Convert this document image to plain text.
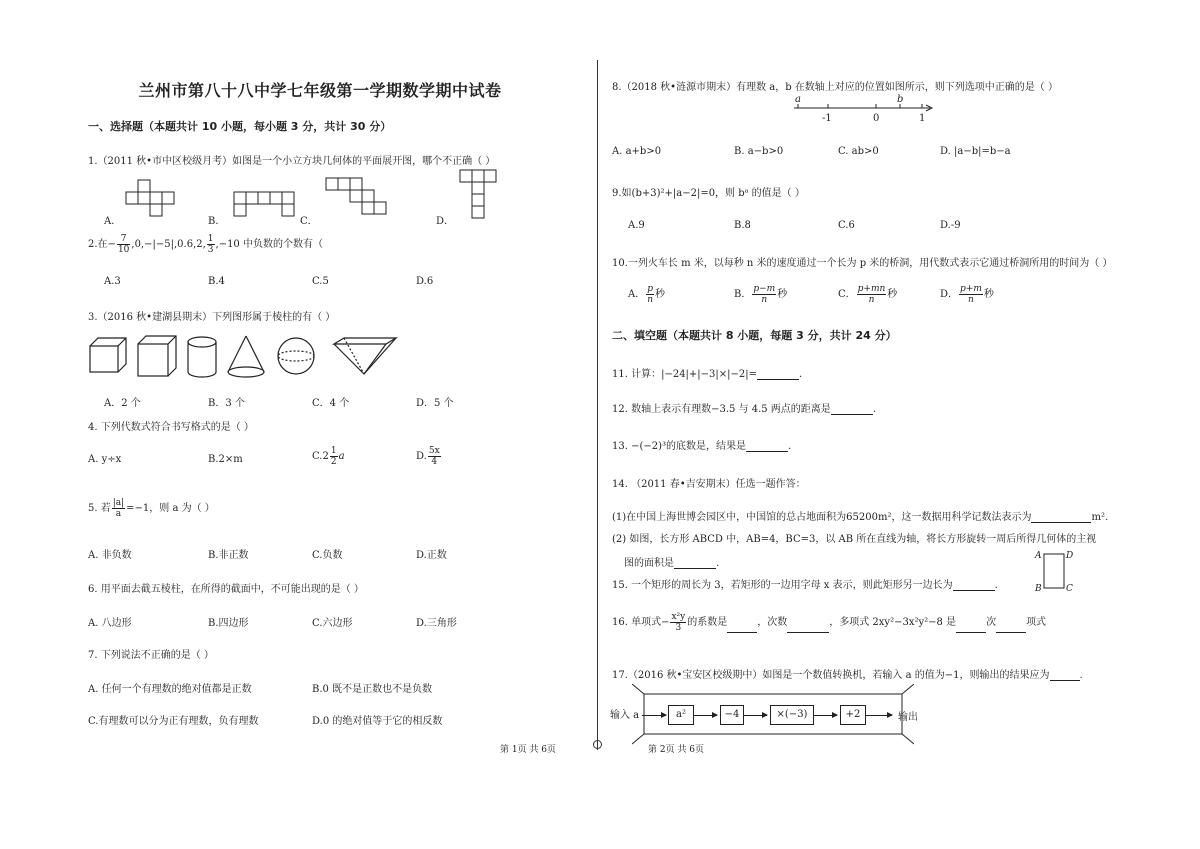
兰州市第八十八中学七年级第一学期数学期中试卷
一、选择题（本题共计 10 小题，每小题 3 分，共计 30 分）
1.（2011 秋•市中区校级月考）如图是一个小立方块几何体的平面展开图，哪个不正确（ ）
A．	B．	C．	D．
2.在− $\frac{7}{10} ,0,-|-5|,0.6,2$, $\frac{1}{3} ,-10$ 中负数的个数有（
A.3	B.4	C.5	D.6
3.（2016 秋•建湖县期末）下列图形属于棱柱的有（ ）
A．2 个	B．3 个	C．4 个	D．5 个
4. 下列代数式符合书写格式的是（ ）
A. y÷x	B.2×m	$C.2 \frac{1}{2}$ a	D. $\frac{5x}{4}$
5. 若 $\frac{|a|}{a} =-1$，则 a 为（ ）
A. 非负数	B.非正数	C.负数	D.正数
6. 用平面去截五棱柱，在所得的截面中，不可能出现的是（ ）
A. 八边形	B.四边形	C.六边形	D.三角形
7. 下列说法不正确的是（ ）
A. 任何一个有理数的绝对值都是正数	B.0 既不是正数也不是负数
C.有理数可以分为正有理数，负有理数	D.0 的绝对值等于它的相反数
第 1页 共 6页
8.（2018 秋•涟源市期末）有理数 a，b 在数轴上对应的位置如图所示，则下列选项中正确的是（ ）
a	b
-1	0	1
A. a+b>0	B. a−b>0	C. ab>0	D. |a−b|=b−a
9.如(b+3)²+|a−2|=0，则 bᵃ 的值是（ ）
A.9	B.8	C.6	D.-9
10.一列火车长 m 米，以每秒 n 米的速度通过一个长为 p 米的桥洞，用代数式表示它通过桥洞所用的时间为（ ）
A． $\frac{p}{n}$ 秒	B． $\frac{p-m}{n}$ 秒	C． $\frac{p+mn}{n}$ 秒	D． $\frac{p+m}{n}$ 秒
二、填空题（本题共计 8 小题，每题 3 分，共计 24 分）
11. 计算：|−24|+|−3|×|−2|=	.
12. 数轴上表示有理数−3.5 与 4.5 两点的距离是	.
13. −(−2)³的底数是，结果是	.
14. （2011 春•吉安期末）任选一题作答：
(1)在中国上海世博会园区中，中国馆的总占地面积为65200m²，这一数据用科学记数法表示为	m².
(2) 如图，长方形 ABCD 中，AB=4，BC=3，以 AB 所在直线为轴，将长方形旋转一周后所得几何体的主视
图的面积是	.
A	D
B	C
15. 一个矩形的周长为 3，若矩形的一边用字母 x 表示，则此矩形另一边长为	.
16. 单项式− $\frac{\text{x²y}}{3}$ 的系数是	，次数	，多项式 2xy²−3x²y²−8 是	次	项式
17.（2016 秋•宝安区校级期中）如图是一个数值转换机，若输入 a 的值为−1，则输出的结果应为	.
输入 a	a²	−4	×(−3)	+2	输出
第 2页 共 6页
